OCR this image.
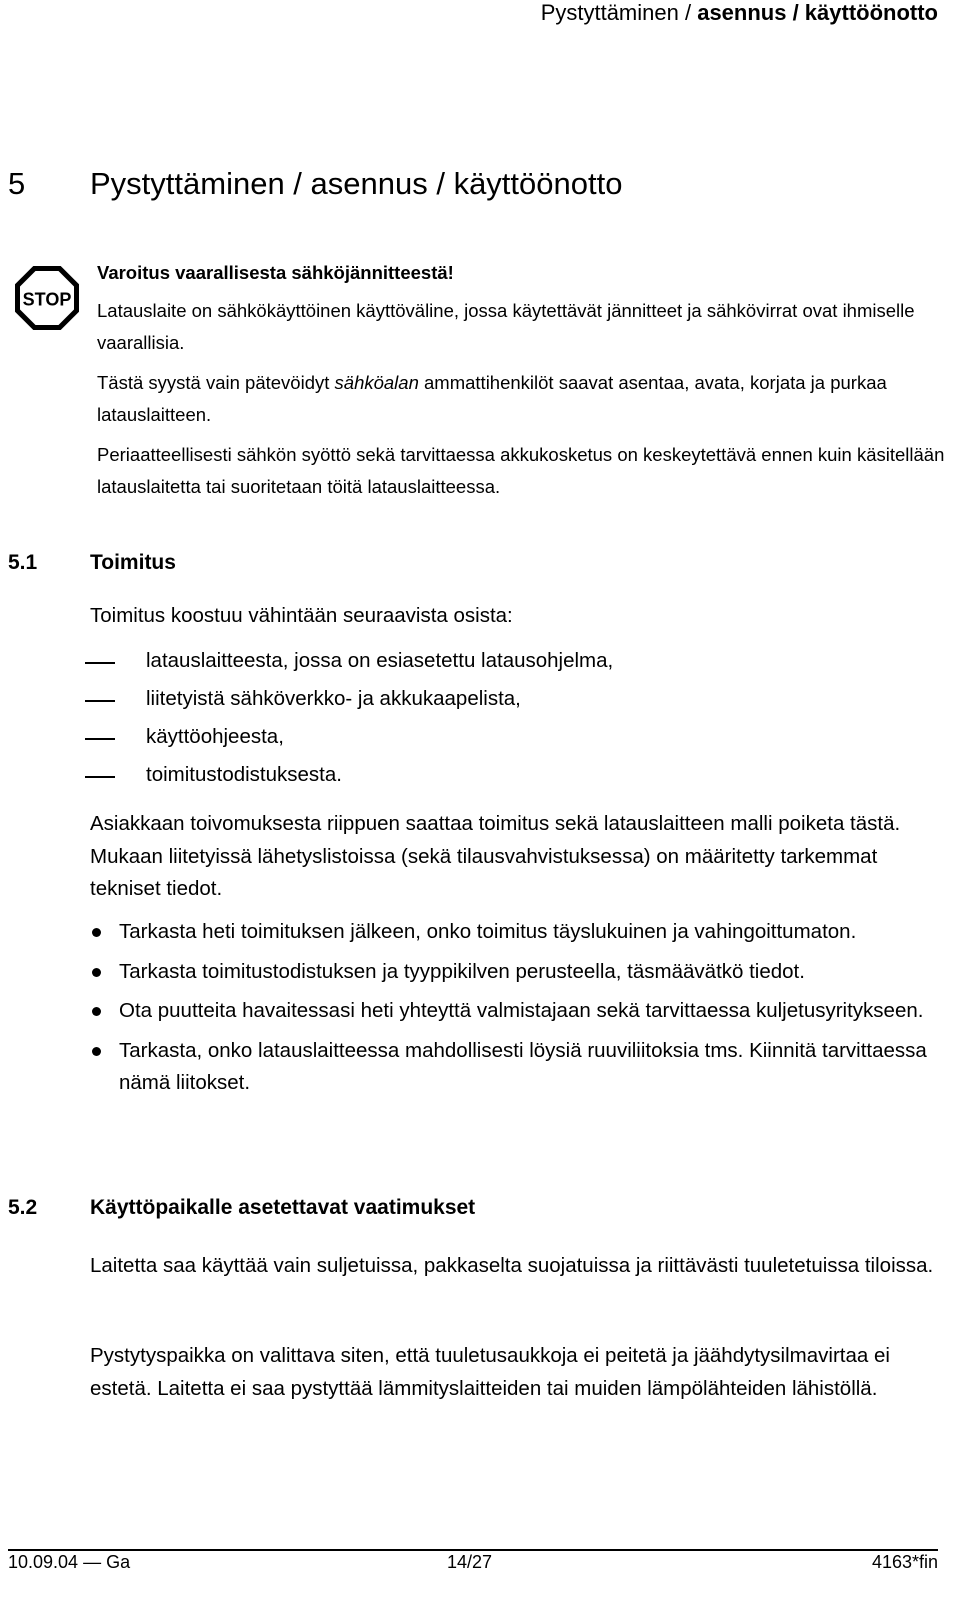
Pystyttäminen / asennus / käyttöönotto
5 Pystyttäminen / asennus / käyttöönotto
STOP

Varoitus vaarallisesta sähköjännitteestä!

Latauslaite on sähkökäyttöinen käyttöväline, jossa käytettävät jännitteet ja sähkövirrat ovat ihmiselle vaarallisia.

Tästä syystä vain pätevöidyt sähköalan ammattihenkilöt saavat asentaa, avata, korjata ja purkaa latauslaitteen.

Periaatteellisesti sähkön syöttö sekä tarvittaessa akkukosketus on keskeytettävä ennen kuin käsitellään latauslaitetta tai suoritetaan töitä latauslaitteessa.

5.1	Toimitus

Toimitus koostuu vähintään seuraavista osista:

latauslaitteesta, jossa on esiasetettu latausohjelma,
liitetyistä sähköverkko- ja akkukaapelista,
käyttöohjeesta,
toimitustodistuksesta.

Asiakkaan toivomuksesta riippuen saattaa toimitus sekä latauslaitteen malli poiketa tästä. Mukaan liitetyissä lähetyslistoissa (sekä tilausvahvistuksessa) on määritetty tarkemmat tekniset tiedot.

Tarkasta heti toimituksen jälkeen, onko toimitus täyslukuinen ja vahingoittumaton.
Tarkasta toimitustodistuksen ja tyyppikilven perusteella, täsmäävätkö tiedot.
Ota puutteita havaitessasi heti yhteyttä valmistajaan sekä tarvittaessa kuljetusyritykseen.
Tarkasta, onko latauslaitteessa mahdollisesti löysiä ruuviliitoksia tms. Kiinnitä tarvittaessa nämä liitokset.
5.2	Käyttöpaikalle asetettavat vaatimukset

Laitetta saa käyttää vain suljetuissa, pakkaselta suojatuissa ja riittävästi tuuletetuissa tiloissa.

Pystytyspaikka on valittava siten, että tuuletusaukkoja ei peitetä ja jäähdytysilmavirtaa ei estetä. Laitetta ei saa pystyttää lämmityslaitteiden tai muiden lämpölähteiden lähistöllä.

10.09.04 — Ga	14/27	4163*fin
